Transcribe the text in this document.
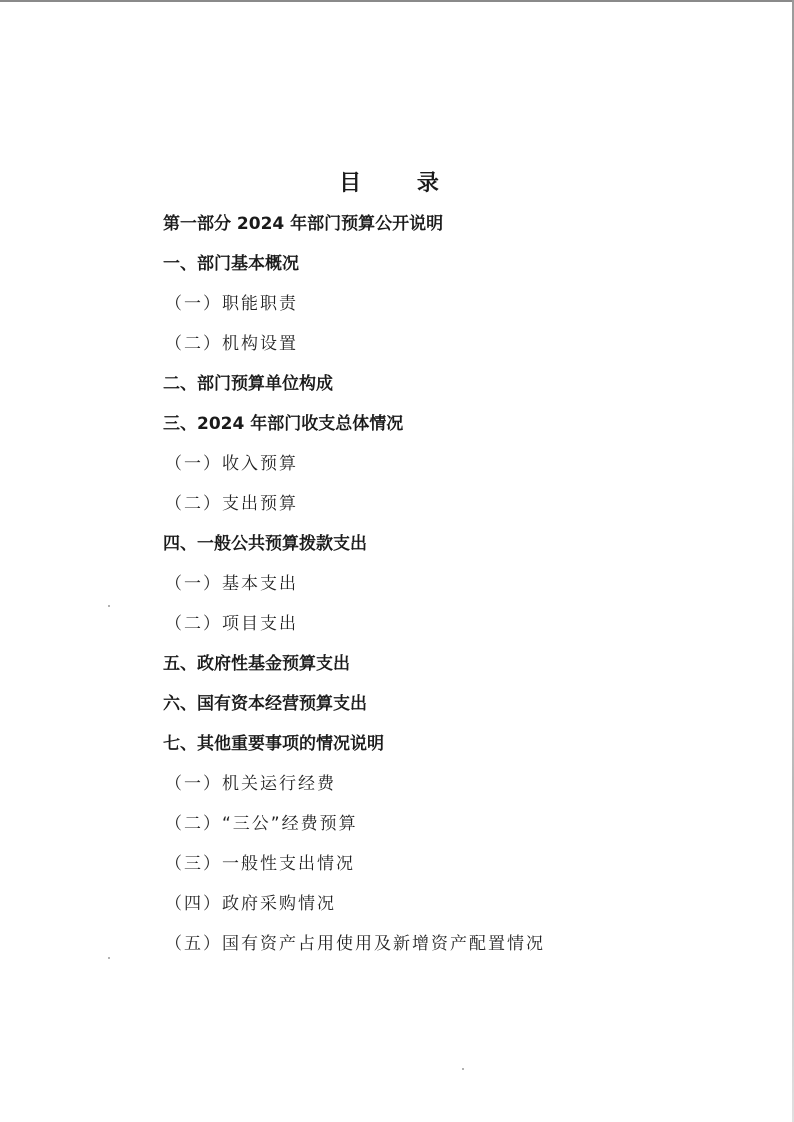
目 录
第一部分 2024 年部门预算公开说明
一、部门基本概况
（一）职能职责
（二）机构设置
二、部门预算单位构成
三、2024 年部门收支总体情况
（一）收入预算
（二）支出预算
四、一般公共预算拨款支出
（一）基本支出
（二）项目支出
五、政府性基金预算支出
六、国有资本经营预算支出
七、其他重要事项的情况说明
（一）机关运行经费
（二）“三公”经费预算
（三）一般性支出情况
（四）政府采购情况
（五）国有资产占用使用及新增资产配置情况
